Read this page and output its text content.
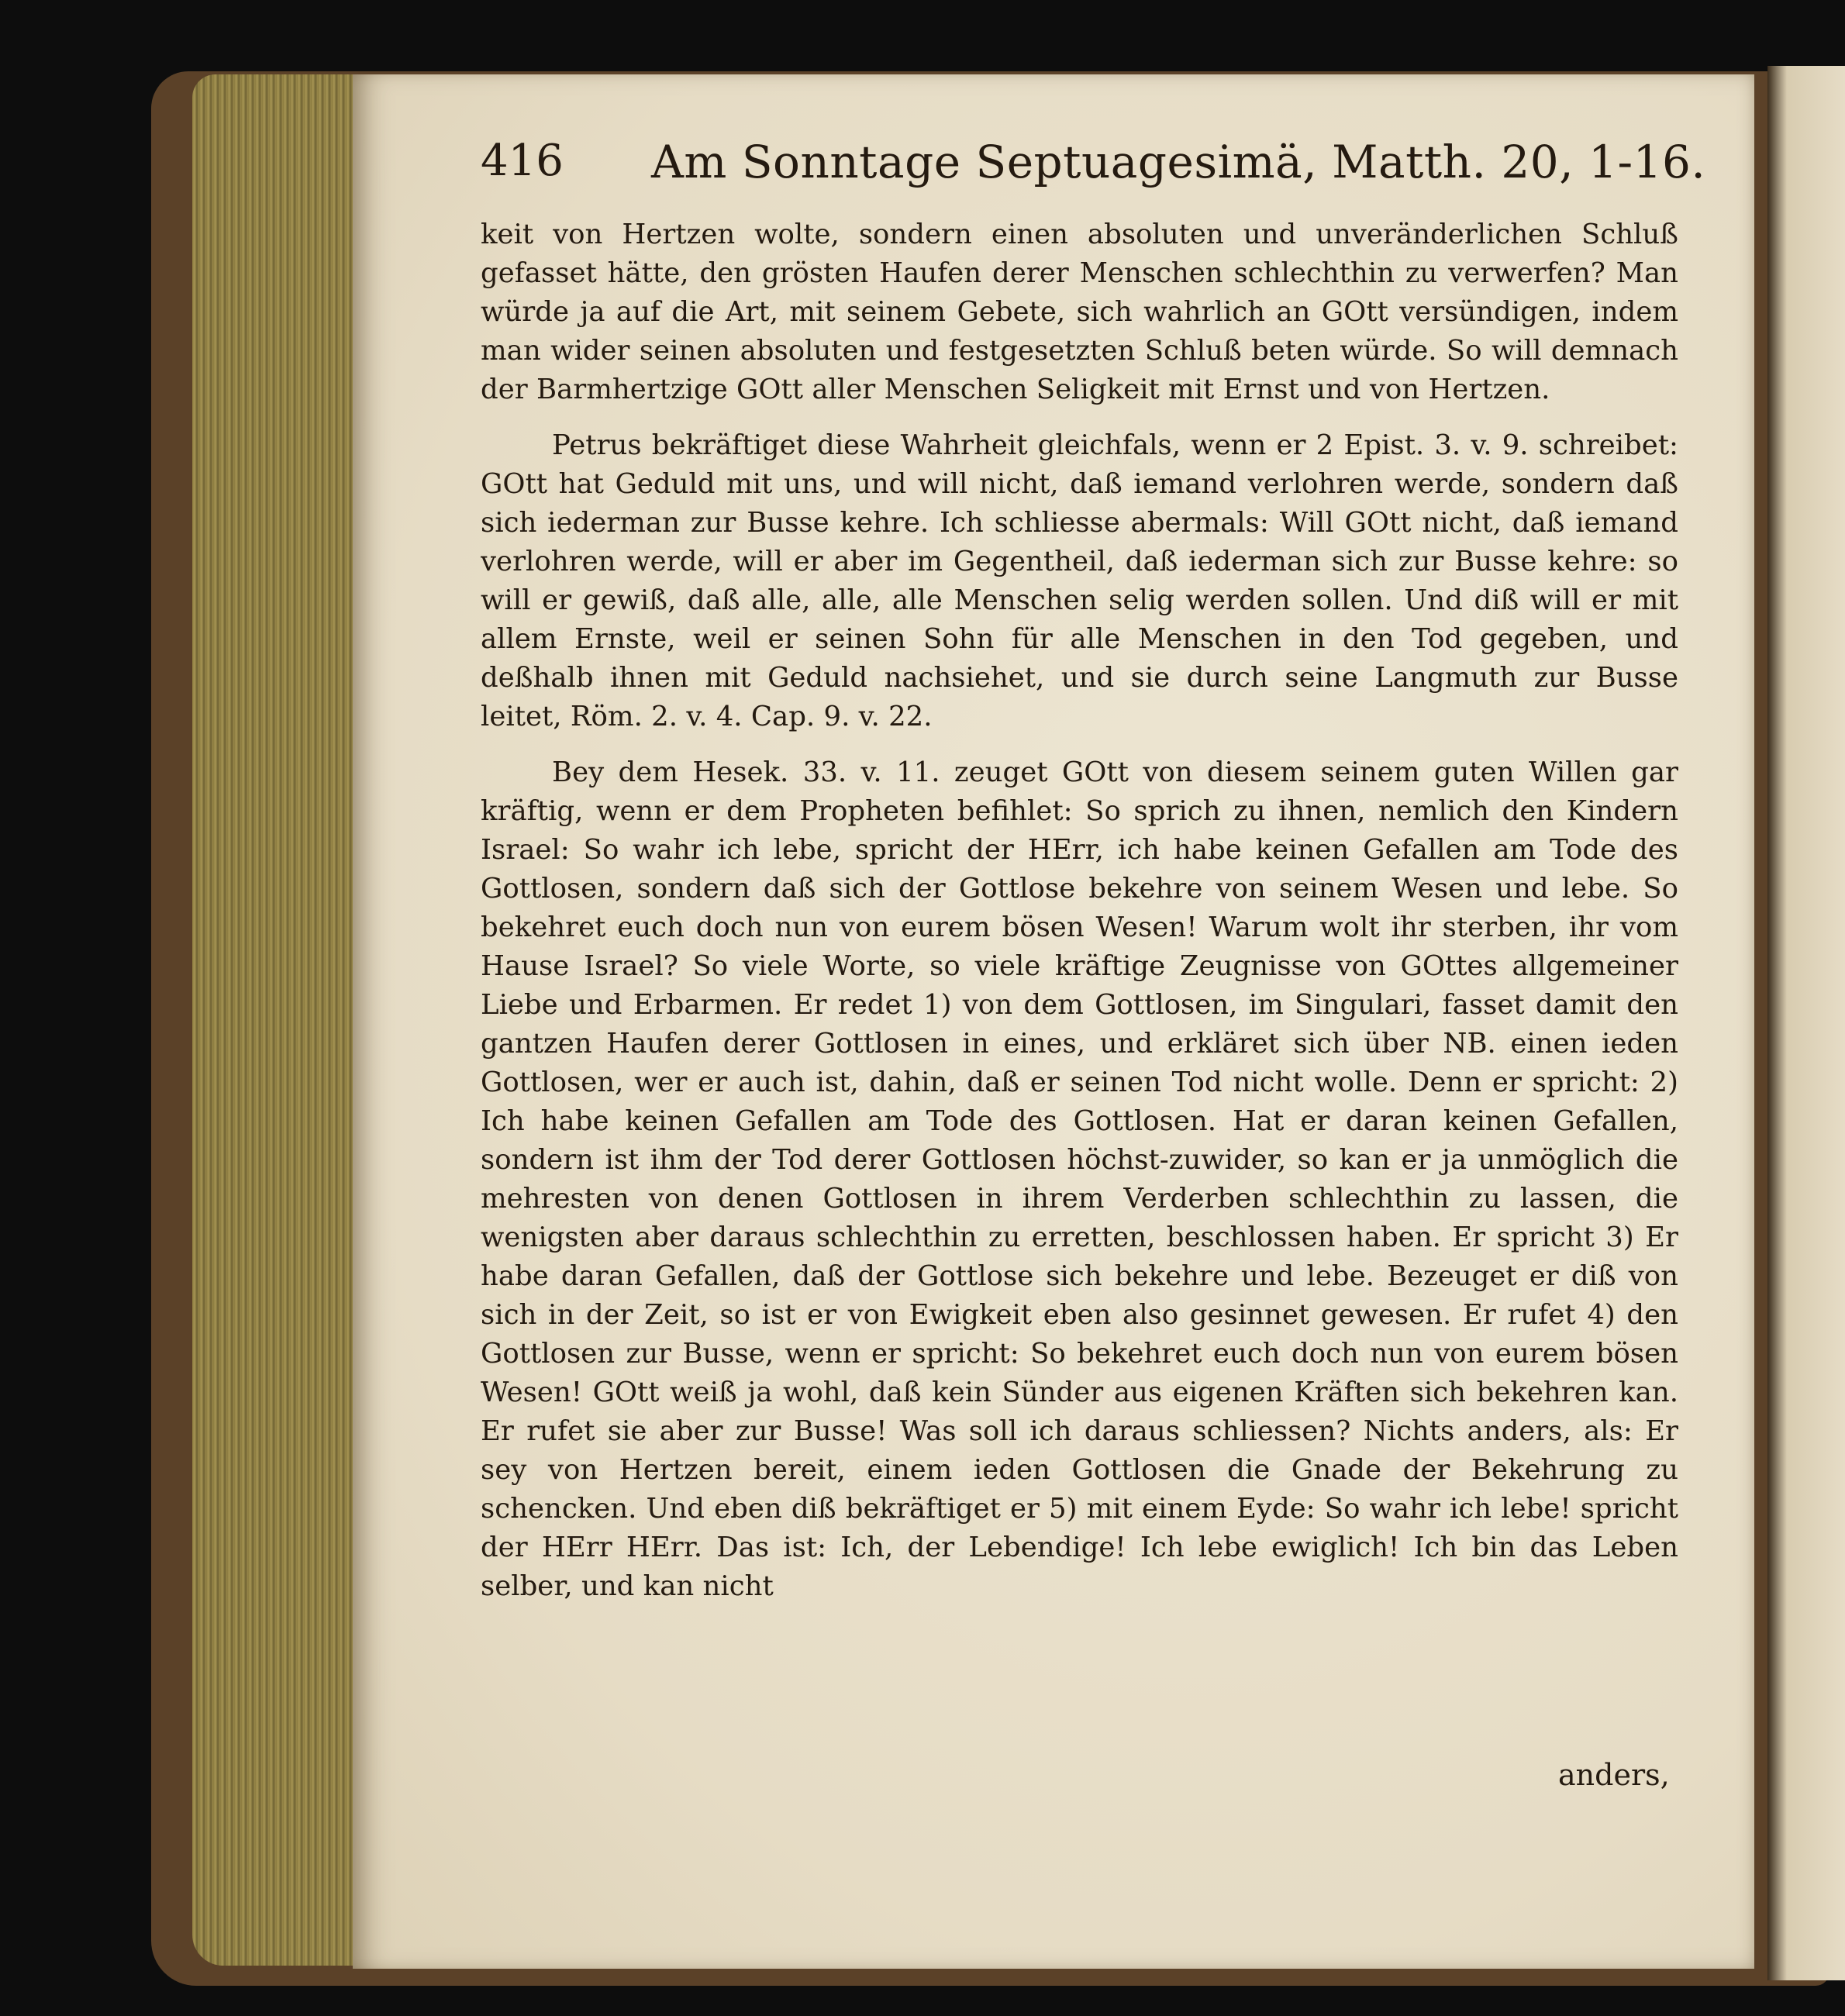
416 Am Sonntage Septuagesimä, Matth. 20, 1-16.

keit von Hertzen wolte, sondern einen absoluten und unveränderlichen Schluß gefasset hätte, den grösten Haufen derer Menschen schlechthin zu verwerfen? Man würde ja auf die Art, mit seinem Gebete, sich wahrlich an GOtt versündigen, indem man wider seinen absoluten und festgesetzten Schluß beten würde. So will demnach der Barmhertzige GOtt aller Menschen Seligkeit mit Ernst und von Hertzen.

Petrus bekräftiget diese Wahrheit gleichfals, wenn er 2 Epist. 3. v. 9. schreibet: GOtt hat Geduld mit uns, und will nicht, daß iemand verlohren werde, sondern daß sich iederman zur Busse kehre. Ich schliesse abermals: Will GOtt nicht, daß iemand verlohren werde, will er aber im Gegentheil, daß iederman sich zur Busse kehre: so will er gewiß, daß alle, alle, alle Menschen selig werden sollen. Und diß will er mit allem Ernste, weil er seinen Sohn für alle Menschen in den Tod gegeben, und deßhalb ihnen mit Geduld nachsiehet, und sie durch seine Langmuth zur Busse leitet, Röm. 2. v. 4. Cap. 9. v. 22.

Bey dem Hesek. 33. v. 11. zeuget GOtt von diesem seinem guten Willen gar kräftig, wenn er dem Propheten befihlet: So sprich zu ihnen, nemlich den Kindern Israel: So wahr ich lebe, spricht der HErr, ich habe keinen Gefallen am Tode des Gottlosen, sondern daß sich der Gottlose bekehre von seinem Wesen und lebe. So bekehret euch doch nun von eurem bösen Wesen! Warum wolt ihr sterben, ihr vom Hause Israel? So viele Worte, so viele kräftige Zeugnisse von GOttes allgemeiner Liebe und Erbarmen. Er redet 1) von dem Gottlosen, im Singulari, fasset damit den gantzen Haufen derer Gottlosen in eines, und erkläret sich über NB. einen ieden Gottlosen, wer er auch ist, dahin, daß er seinen Tod nicht wolle. Denn er spricht: 2) Ich habe keinen Gefallen am Tode des Gottlosen. Hat er daran keinen Gefallen, sondern ist ihm der Tod derer Gottlosen höchst-zuwider, so kan er ja unmöglich die mehresten von denen Gottlosen in ihrem Verderben schlechthin zu lassen, die wenigsten aber daraus schlechthin zu erretten, beschlossen haben. Er spricht 3) Er habe daran Gefallen, daß der Gottlose sich bekehre und lebe. Bezeuget er diß von sich in der Zeit, so ist er von Ewigkeit eben also gesinnet gewesen. Er rufet 4) den Gottlosen zur Busse, wenn er spricht: So bekehret euch doch nun von eurem bösen Wesen! GOtt weiß ja wohl, daß kein Sünder aus eigenen Kräften sich bekehren kan. Er rufet sie aber zur Busse! Was soll ich daraus schliessen? Nichts anders, als: Er sey von Hertzen bereit, einem ieden Gottlosen die Gnade der Bekehrung zu schencken. Und eben diß bekräftiget er 5) mit einem Eyde: So wahr ich lebe! spricht der HErr HErr. Das ist: Ich, der Lebendige! Ich lebe ewiglich! Ich bin das Leben selber, und kan nicht

anders,
